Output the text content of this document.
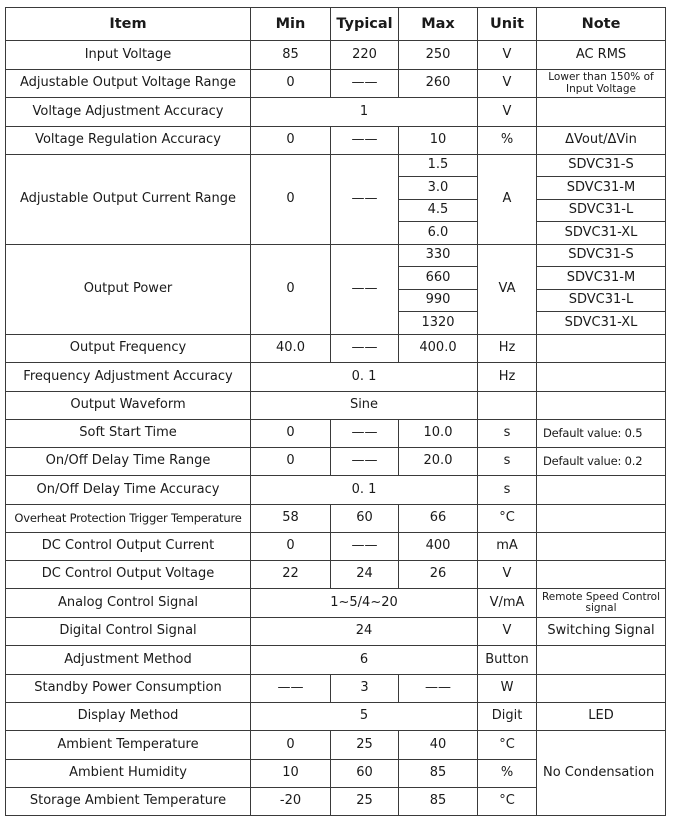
Item	Min	Typical	Max	Unit	Note
Input Voltage	85	220	250	V	AC RMS
Adjustable Output Voltage Range	0	——	260	V	Lower than 150% of Input Voltage
Voltage Adjustment Accuracy	1			V	
Voltage Regulation Accuracy	0	——	10	%	ΔVout/ΔVin
Adjustable Output Current Range	0	——	1.5	A	SDVC31-S
			3.0		SDVC31-M
			4.5		SDVC31-L
			6.0		SDVC31-XL
Output Power	0	——	330	VA	SDVC31-S
			660		SDVC31-M
			990		SDVC31-L
			1320		SDVC31-XL
Output Frequency	40.0	——	400.0	Hz	
Frequency Adjustment Accuracy	0. 1			Hz	
Output Waveform	Sine				
Soft Start Time	0	——	10.0	s	Default value: 0.5
On/Off Delay Time Range	0	——	20.0	s	Default value: 0.2
On/Off Delay Time Accuracy	0. 1			s	
Overheat Protection Trigger Temperature	58	60	66	°C	
DC Control Output Current	0	——	400	mA	
DC Control Output Voltage	22	24	26	V	
Analog Control Signal	1~5/4~20			V/mA	Remote Speed Control signal
Digital Control Signal	24			V	Switching Signal
Adjustment Method	6			Button	
Standby Power Consumption	——	3	——	W	
Display Method	5			Digit	LED
Ambient Temperature	0	25	40	°C	No Condensation
Ambient Humidity	10	60	85	%	
Storage Ambient Temperature	-20	25	85	°C	
